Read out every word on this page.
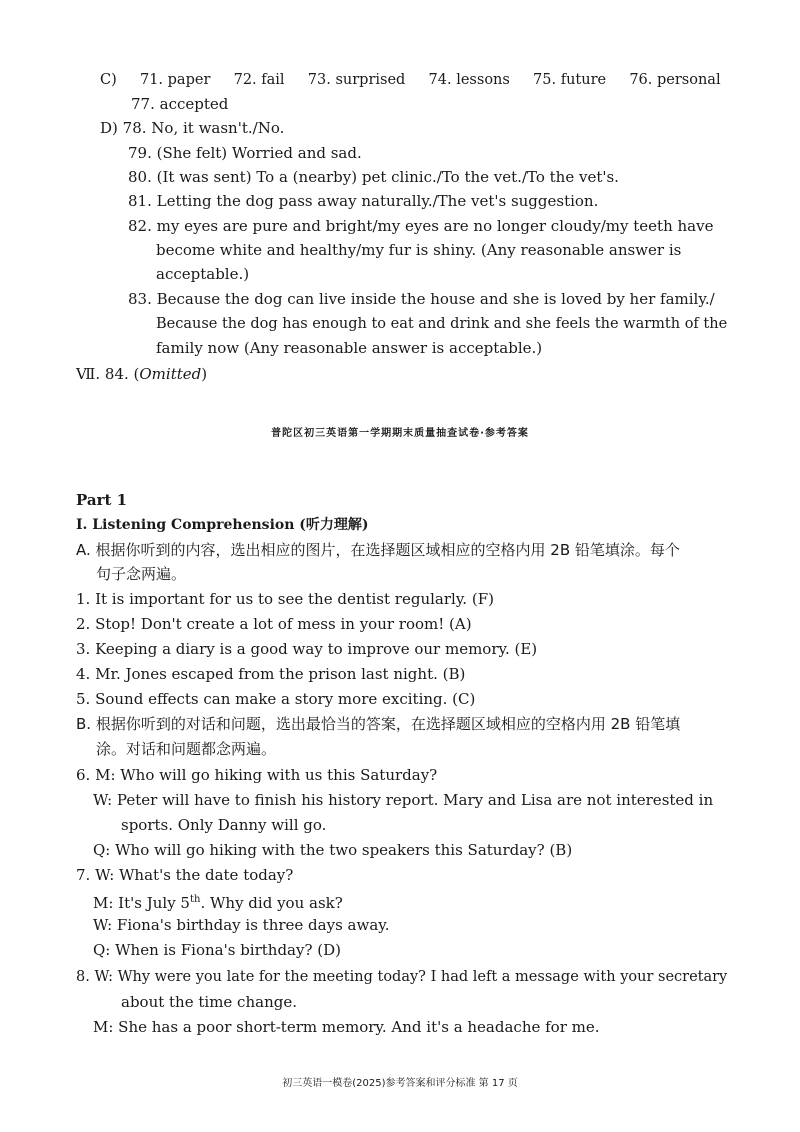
C) 71. paper 72. fail 73. surprised 74. lessons 75. future 76. personal
77. accepted
D) 78. No, it wasn't./No.
79. (She felt) Worried and sad.
80. (It was sent) To a (nearby) pet clinic./To the vet./To the vet's.
81. Letting the dog pass away naturally./The vet's suggestion.
82. my eyes are pure and bright/my eyes are no longer cloudy/my teeth have
become white and healthy/my fur is shiny. (Any reasonable answer is
acceptable.)
83. Because the dog can live inside the house and she is loved by her family./
Because the dog has enough to eat and drink and she feels the warmth of the
family now (Any reasonable answer is acceptable.)
Ⅶ. 84. (Omitted)
普陀区初三英语第一学期期末质量抽查试卷·参考答案
Part 1
Ⅰ. Listening Comprehension (听力理解)
A. 根据你听到的内容，选出相应的图片，在选择题区域相应的空格内用 2B 铅笔填涂。每个
句子念两遍。
1. It is important for us to see the dentist regularly. (F)
2. Stop! Don't create a lot of mess in your room! (A)
3. Keeping a diary is a good way to improve our memory. (E)
4. Mr. Jones escaped from the prison last night. (B)
5. Sound effects can make a story more exciting. (C)
B. 根据你听到的对话和问题，选出最恰当的答案，在选择题区域相应的空格内用 2B 铅笔填
涂。对话和问题都念两遍。
6. M: Who will go hiking with us this Saturday?
W: Peter will have to finish his history report. Mary and Lisa are not interested in
sports. Only Danny will go.
Q: Who will go hiking with the two speakers this Saturday? (B)
7. W: What's the date today?
M: It's July 5th. Why did you ask?
W: Fiona's birthday is three days away.
Q: When is Fiona's birthday? (D)
8. W: Why were you late for the meeting today? I had left a message with your secretary
about the time change.
M: She has a poor short-term memory. And it's a headache for me.
初三英语一模卷(2025)参考答案和评分标准 第 17 页
